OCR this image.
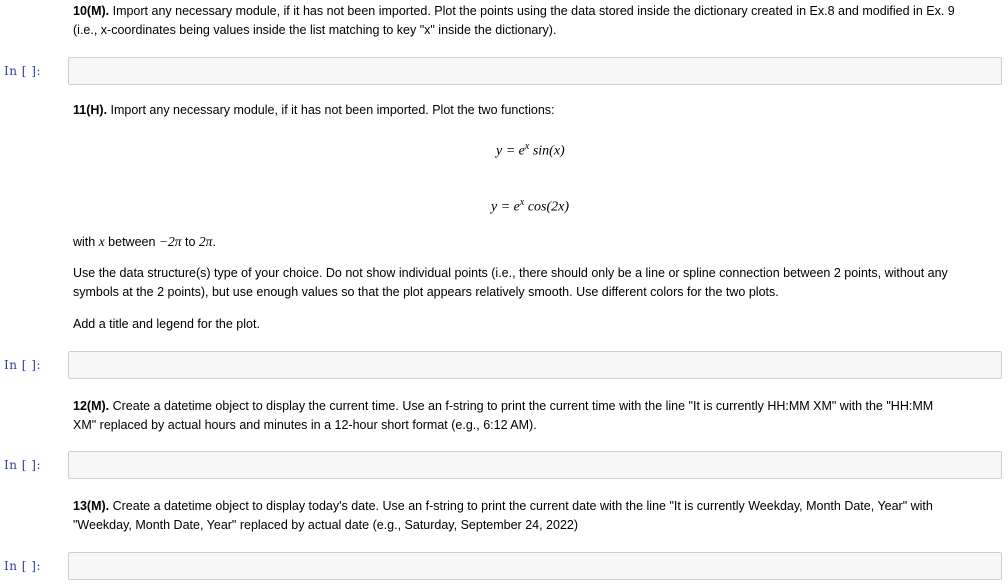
10(M). Import any necessary module, if it has not been imported. Plot the points using the data stored inside the dictionary created in Ex.8 and modified in Ex. 9

(i.e., x-coordinates being values inside the list matching to key "x" inside the dictionary).

In [ ]:

11(H). Import any necessary module, if it has not been imported. Plot the two functions:

$y = e^x$ sin(x)
$y = e^x$ cos(2x)

with x between −2π to 2π.

Use the data structure(s) type of your choice. Do not show individual points (i.e., there should only be a line or spline connection between 2 points, without any

symbols at the 2 points), but use enough values so that the plot appears relatively smooth. Use different colors for the two plots.

Add a title and legend for the plot.

In [ ]:

12(M). Create a datetime object to display the current time. Use an f-string to print the current time with the line "It is currently HH:MM XM" with the "HH:MM

XM" replaced by actual hours and minutes in a 12-hour short format (e.g., 6:12 AM).

In [ ]:

13(M). Create a datetime object to display today's date. Use an f-string to print the current date with the line "It is currently Weekday, Month Date, Year" with

"Weekday, Month Date, Year" replaced by actual date (e.g., Saturday, September 24, 2022)

In [ ]:
